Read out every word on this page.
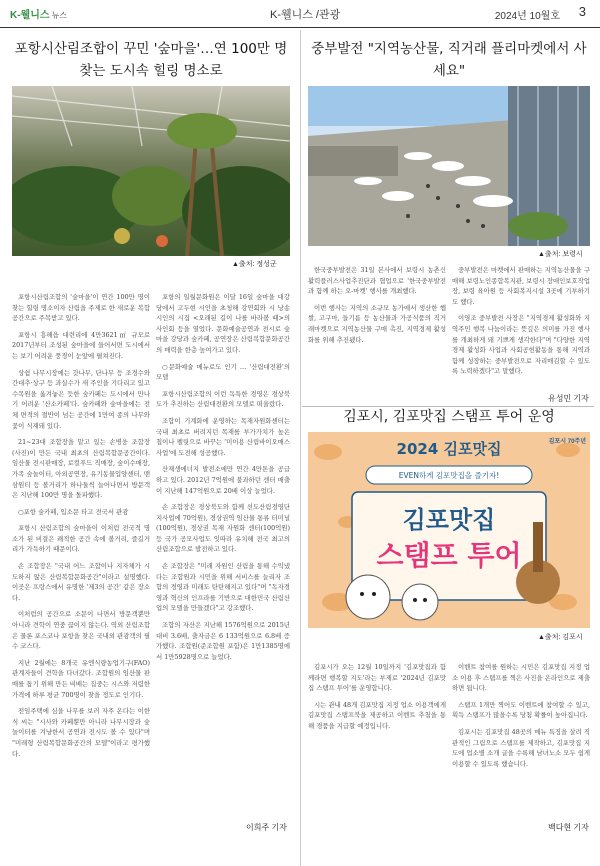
K-웰니스 뉴스	K-웰니스 /관광	2024년 10월호 3
포항시산림조합이 꾸민 '숲마을'…연 100만 명 찾는 도시속 힐링 명소로
▲출처: 정성군

포항시산림조합의 '숲마을'이 연간 100만 명이 찾는 힐링 명소이자 산림을 주제로 한 새로운 복합공간으로 주목받고 있다.

포항시 흥해읍 대련리에 4만3621㎡ 규모로 2017년부터 조성된 숲마을에 들어서면 도시에서는 보기 어려운 풍경이 눈앞에 펼쳐진다.

상쉼 나무시장에는 갓나무, 단나무 등 조경수와 간대추·상구 등 과실수가 새 주인을 기다리고 있고 수목원을 옮겨놓은 듯한 숲카페는 도시에서 만나기 어려운 '산소카페'다. 숲카페와 숲마을에는 전체 면적의 절반이 넘는 공간에 1만여 종의 나무와 꽃이 식재돼 있다.

21~23대 조합장을 맡고 있는 손병웅 조합장(사진)이 만든 국내 최초의 산림복합문공간이다. 임산물 전시판매장, 로컬푸드 직매장, 숲이수매장, 가족 숲놀이터, 아외공연장, 유기동물입양센터, 맨삼원티 등 볼거리가 하나둘씩 늘어나면서 방문객은 지난해 100만 명을 돌파했다.

○포항 숲카페, 입소문 타고 전국서 관광

포항시 산림조합의 숲마을이 이처럼 전국적 명소가 된 비결은 쾌적한 공간 속에 볼거리, 즐길거리가 가득하기 때문이다.

손 조합장은 "국내 어느 조합이나 지자체가 시도하지 않은 산림복합문화공간"이라고 설명했다. 이곳은 프랑스에서 유명한 '제3의 공간' 같은 장소다.

이처럼의 공간으로 소문이 나면서 방문객뿐만 아니라 견학이 연중 끊이지 않는다. 역외 산림조합은 물론 포스코나 포항을 찾은 국내외 관광객의 필수 코스다.

지난 2월에는 8개국 유엔식량농업기구(FAO) 관계자들이 견학을 다녀갔다. 조합원의 임산물 판매를 돕기 위해 만든 비배는 집중는 시스와 저렴한 가격에 하루 평균 700명이 찾을 정도로 인기다.

전임주택에 심을 나무를 보러 자주 온다는 이한식 씨는 "시사와 카페뿐만 아니라 나무시장과 숲 놀이터를 겨냥한서 공연과 전시도 볼 수 있다"며 "미래형 산림복합문화공간의 모델"이라고 평가했다.

포항의 일월문화원은 이달 16일 숲마을 대강당에서 고두현 시인을 초청해 강연회와 시 낭송 시인의 시집 <오래된 길이 나를 바라볼 때>의 사인회 등을 열었다. 문화예술공연과 전시로 숲마을 강당과 숲카페, 공연장은 산림복합문화공간의 매력을 한층 높여가고 있다.

○문화예술 메뉴로도 인기 … '산림대전환'의 모델

포항시산림조합의 이런 독특한 경영은 경상북도가 추진하는 산림대전환의 모델로 떠올랐다.

조합이 기계화에 운영하는 목재자원화센터는 국내 최초로 버려지던 목재를 부가가치가 높은 칩이나 펠릿으로 바꾸는 '미이용 산림바이오매스 사업'에 도전해 성공했다.

산재생에너지 발전소에만 연간 4만톤을 공급하고 있다. 2012년 7억원에 불과하던 센터 매출이 지난해 147억원으로 20배 이상 늘었다.

손 조합장은 경상북도와 함께 선도산림경영단지사업에 70억원), 경상권역 임산물 통류 터미널(100억원), 경상권 목재 자원화 센터(100억원) 등 국가 공모사업도 잇따라 유치해 전국 최고의 산림조합으로 발전하고 있다.

손 조합장은 "미래 자원인 산림을 통해 수익냈다는 조합원과 시민을 위해 서비스를 늘리자 조합의 경영과 미래도 탄탄해지고 있다"며 "독자경영과 혁신의 인프라를 기반으로 대한민국 산림산업의 모델을 만들겠다"고 강조했다.

조합의 자산은 지난해 1576억원으로 2015년 대비 3.6배, 출자금은 6 133억원으로 6.8배 증가했다. 조합원(준조합원 포함)은 1만1385명에서 1만5928명으로 늘었다.

이희주 기자
중부발전 "지역농산물, 직거래 플리마켓에서 사세요"
▲출처: 보령시

한국중부발전은 31일 본사에서 보령시 농촌신활력플러스사업추진단과 협업으로 '한국중부발전과 함께 하는 오-마켓' 행사를 개최했다.

이번 행사는 지역의 소규모 농가에서 생산한 햅쌀, 고구마, 들기름 등 농산물과 가공식품의 직거래마켓으로 지역농산물 구매 촉진, 지역경제 활성화를 위해 추진됐다.

중부발전은 마켓에서 판매하는 지역농산물을 구매해 보령노인종합복지관, 보령시 장애인보호작업장, 보령 육아원 등 사회복지시설 3곳에 기부하기도 했다.

이영조 중부발전 사장은 "지역경제 활성화와 지역주민 행복 나눔이라는 뜻깊은 의미를 가진 행사를 개최하게 돼 기쁘게 생각한다"며 "다양한 지역경제 활성화 사업과 사회공헌활동을 통해 지역과 함께 성장하는 중부발전으로 자리매김할 수 있도록 노력하겠다"고 말했다.

유성민 기자
김포시, 김포맛집 스탬프 투어 운영
2024 김포맛집	김포시 70주년
EVEN하게 김포맛집을 즐기자!
김포맛집
스탬프 투어
▲출처: 김포시

김포시가 오는 12월 10일까지 '김포맛집과 함께라면 행복할 지도'라는 부제로 '2024년 김포맛집 스탬프 투어'를 운영합니다.

시는 관내 48개 김포맛집 지정 업소 이용객에게 김포맛집 스탬프북을 제공하고 이벤트 추첨을 통해 경품을 지급할 예정입니다.

이벤트 참여를 원하는 시민은 김포맛집 지정 업소 이용 후 스탬프를 찍은 사진을 온라인으로 제출하면 됩니다.

스탬프 1개만 찍어도 이벤트에 참여할 수 있고, 획득 스탬프가 많을수록 당첨 확률이 높아집니다.

김포시는 김포맛집 48곳의 메뉴 특징을 살려 직관적인 그림으로 스탬프를 제작하고, 김포맛집 지도에 업소별 소개 글을 수록해 남녀노소 모두 쉽게 이용할 수 있도록 했습니다.

백다현 기자
